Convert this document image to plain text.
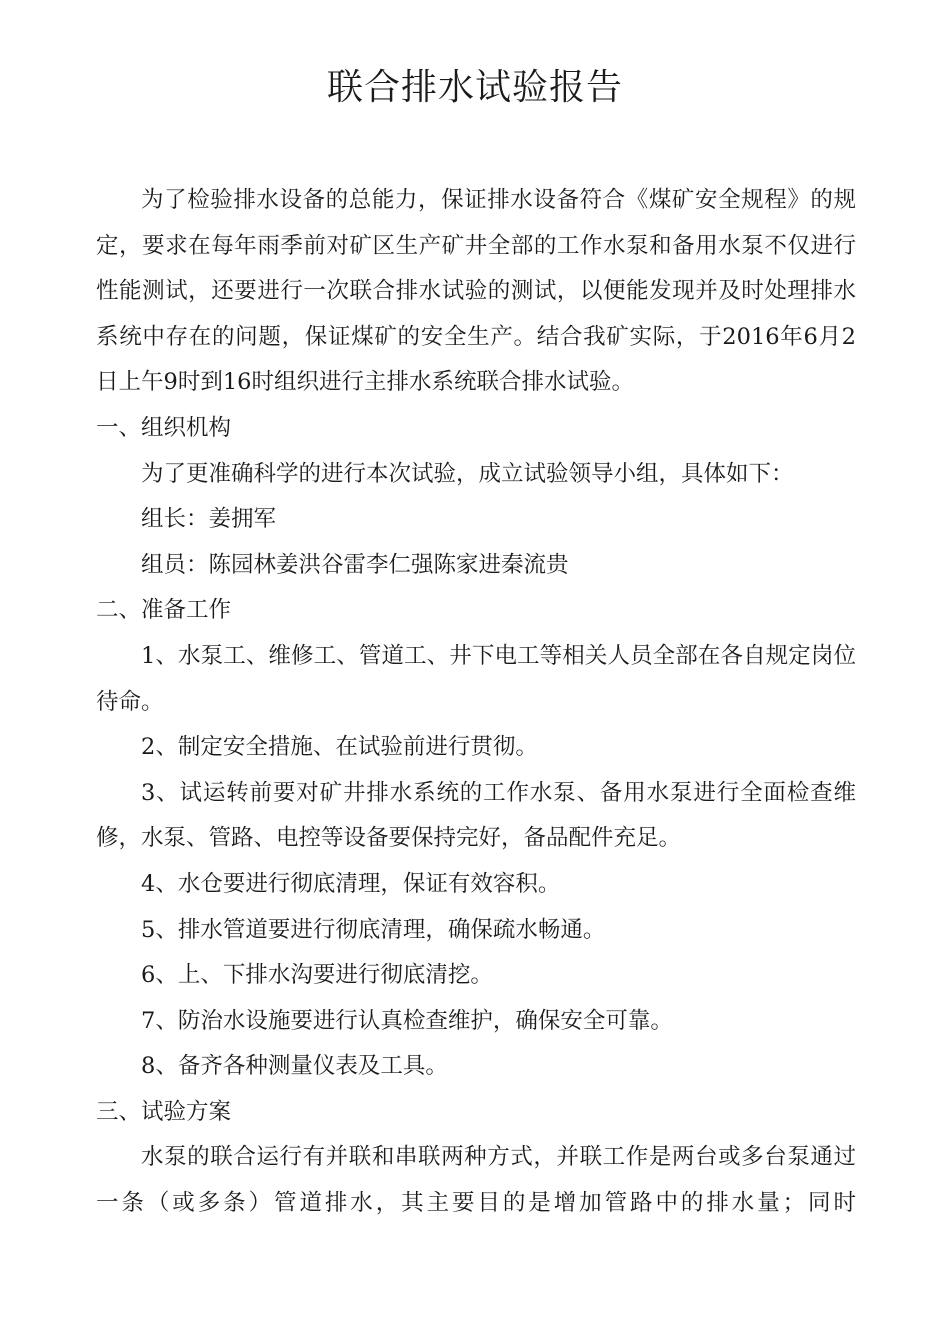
联合排水试验报告

为了检验排水设备的总能力，保证排水设备符合《煤矿安全规程》的规定，要求在每年雨季前对矿区生产矿井全部的工作水泵和备用水泵不仅进行性能测试，还要进行一次联合排水试验的测试，以便能发现并及时处理排水系统中存在的问题，保证煤矿的安全生产。结合我矿实际，于2016年6月2日上午9时到16时组织进行主排水系统联合排水试验。

一、组织机构

为了更准确科学的进行本次试验，成立试验领导小组，具体如下：

组长：姜拥军

组员：陈园林姜洪谷雷李仁强陈家进秦流贵

二、准备工作

1、水泵工、维修工、管道工、井下电工等相关人员全部在各自规定岗位待命。

2、制定安全措施、在试验前进行贯彻。

3、试运转前要对矿井排水系统的工作水泵、备用水泵进行全面检查维修，水泵、管路、电控等设备要保持完好，备品配件充足。

4、水仓要进行彻底清理，保证有效容积。

5、排水管道要进行彻底清理，确保疏水畅通。

6、上、下排水沟要进行彻底清挖。

7、防治水设施要进行认真检查维护，确保安全可靠。

8、备齐各种测量仪表及工具。

三、试验方案

水泵的联合运行有并联和串联两种方式，并联工作是两台或多台泵通过一条（或多条）管道排水，其主要目的是增加管路中的排水量；同时
